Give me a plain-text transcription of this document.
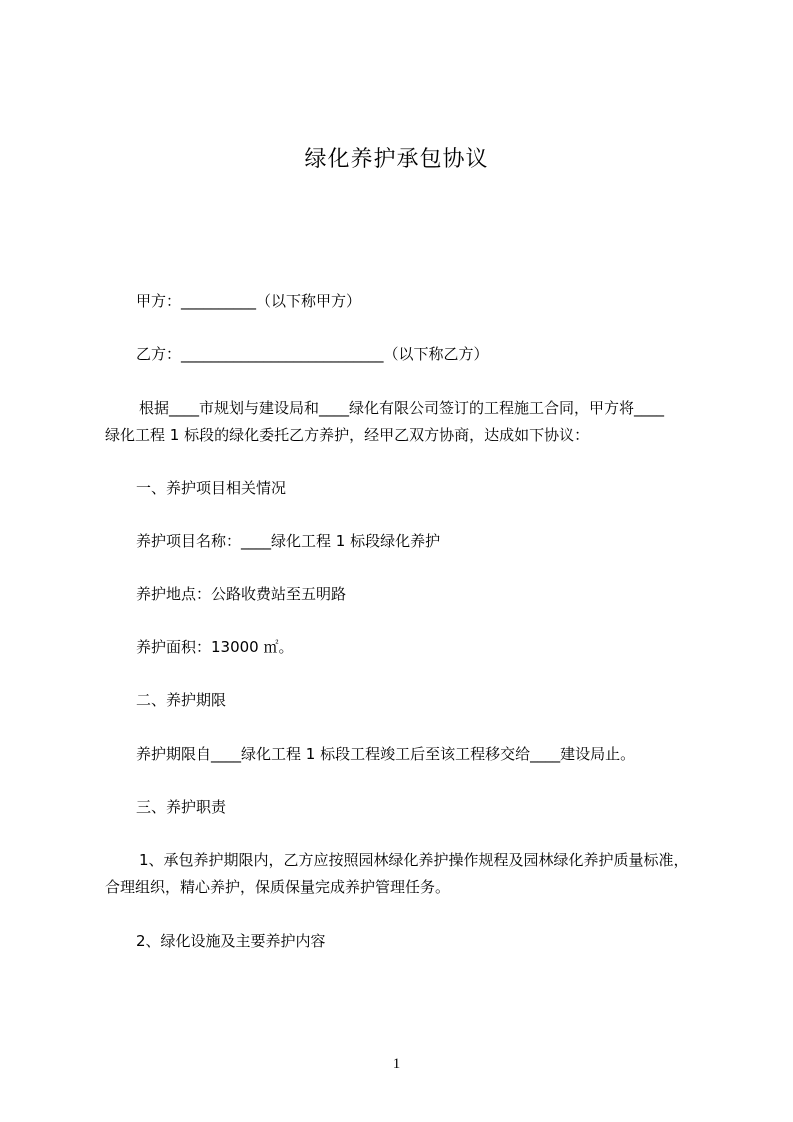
绿化养护承包协议
甲方：__________（以下称甲方）
乙方：___________________________（以下称乙方）
根据____市规划与建设局和____绿化有限公司签订的工程施工合同，甲方将____
绿化工程 1 标段的绿化委托乙方养护，经甲乙双方协商，达成如下协议：
一、养护项目相关情况
养护项目名称：____绿化工程 1 标段绿化养护
养护地点：公路收费站至五明路
养护面积：13000 ㎡。
二、养护期限
养护期限自____绿化工程 1 标段工程竣工后至该工程移交给____建设局止。
三、养护职责
1、承包养护期限内，乙方应按照园林绿化养护操作规程及园林绿化养护质量标准，
合理组织，精心养护，保质保量完成养护管理任务。
2、绿化设施及主要养护内容
1
